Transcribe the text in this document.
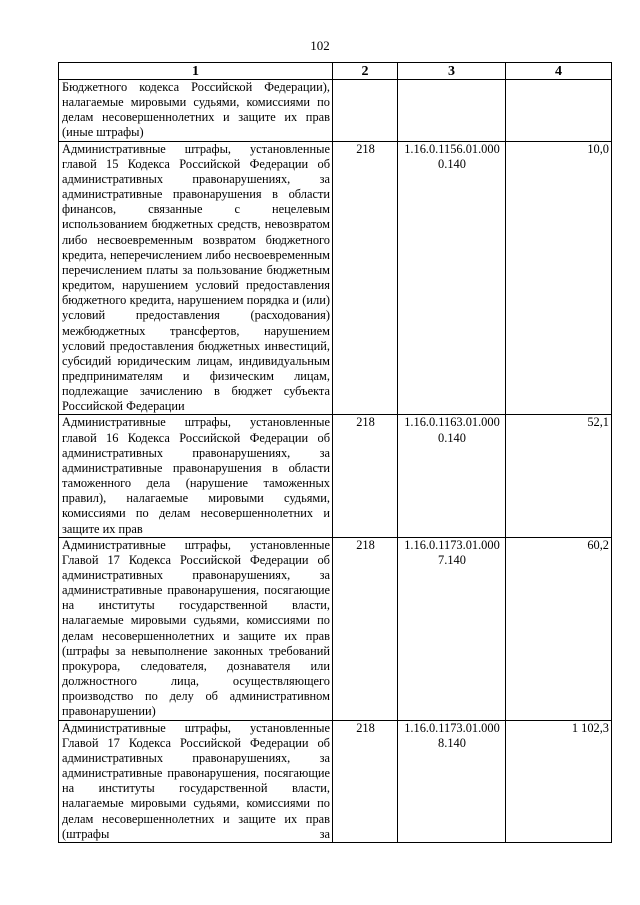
102
1	2	3	4
Бюджетного кодекса Российской Федерации), налагаемые мировыми судьями, комиссиями по делам несовершеннолетних и защите их прав (иные штрафы)			
Административные штрафы, установленные главой 15 Кодекса Российской Федерации об административных правонарушениях, за административные правонарушения в области финансов, связанные с нецелевым использованием бюджетных средств, невозвратом либо несвоевременным возвратом бюджетного кредита, неперечислением либо несвоевременным перечислением платы за пользование бюджетным кредитом, нарушением условий предоставления бюджетного кредита, нарушением порядка и (или) условий предоставления (расходования) межбюджетных трансфертов, нарушением условий предоставления бюджетных инвестиций, субсидий юридическим лицам, индивидуальным предпринимателям и физическим лицам, подлежащие зачислению в бюджет субъекта Российской Федерации	218	1.16.0.1156.01.0000.140	10,0
Административные штрафы, установленные главой 16 Кодекса Российской Федерации об административных правонарушениях, за административные правонарушения в области таможенного дела (нарушение таможенных правил), налагаемые мировыми судьями, комиссиями по делам несовершеннолетних и защите их прав	218	1.16.0.1163.01.0000.140	52,1
Административные штрафы, установленные Главой 17 Кодекса Российской Федерации об административных правонарушениях, за административные правонарушения, посягающие на институты государственной власти, налагаемые мировыми судьями, комиссиями по делам несовершеннолетних и защите их прав (штрафы за невыполнение законных требований прокурора, следователя, дознавателя или должностного лица, осуществляющего производство по делу об административном правонарушении)	218	1.16.0.1173.01.0007.140	60,2
Административные штрафы, установленные Главой 17 Кодекса Российской Федерации об административных правонарушениях, за административные правонарушения, посягающие на институты государственной власти, налагаемые мировыми судьями, комиссиями по делам несовершеннолетних и защите их прав (штрафы за	218	1.16.0.1173.01.0008.140	1 102,3
